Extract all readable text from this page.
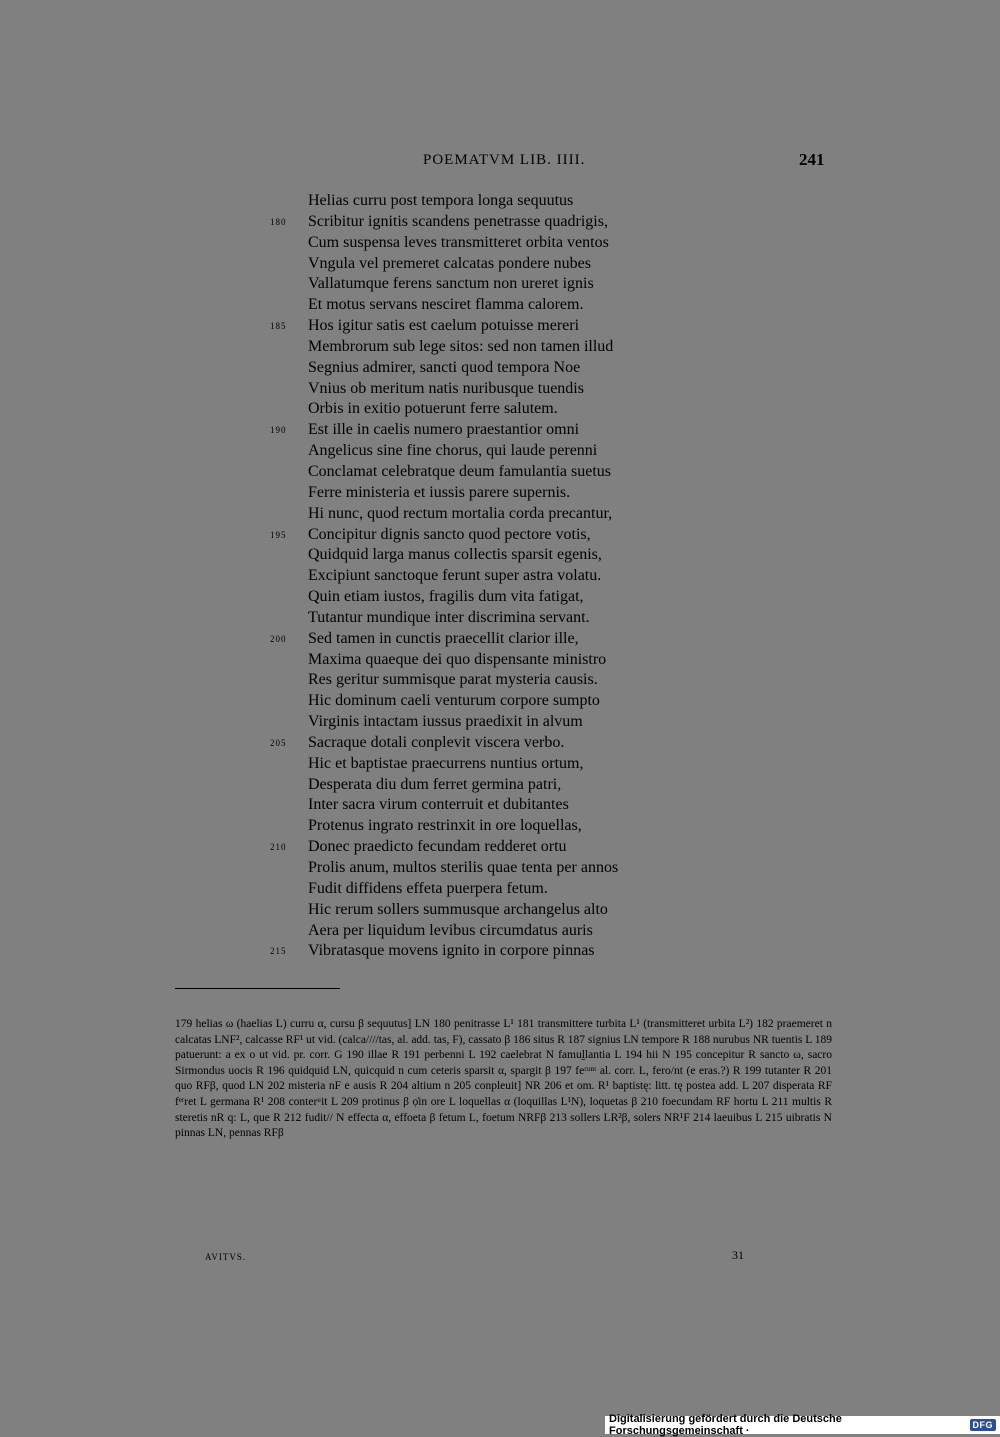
POEMATVM LIB. IIII.	241
Helias curru post tempora longa sequutus
180 Scribitur ignitis scandens penetrasse quadrigis,
Cum suspensa leves transmitteret orbita ventos
Vngula vel premeret calcatas pondere nubes
Vallatumque ferens sanctum non ureret ignis
Et motus servans nesciret flamma calorem.
185 Hos igitur satis est caelum potuisse mereri
Membrorum sub lege sitos: sed non tamen illud
Segnius admirer, sancti quod tempora Noe
Vnius ob meritum natis nuribusque tuendis
Orbis in exitio potuerunt ferre salutem.
190 Est ille in caelis numero praestantior omni
Angelicus sine fine chorus, qui laude perenni
Conclamat celebratque deum famulantia suetus
Ferre ministeria et iussis parere supernis.
Hi nunc, quod rectum mortalia corda precantur,
195 Concipitur dignis sancto quod pectore votis,
Quidquid larga manus collectis sparsit egenis,
Excipiunt sanctoque ferunt super astra volatu.
Quin etiam iustos, fragilis dum vita fatigat,
Tutantur mundique inter discrimina servant.
200 Sed tamen in cunctis praecellit clarior ille,
Maxima quaeque dei quo dispensante ministro
Res geritur summisque parat mysteria causis.
Hic dominum caeli venturum corpore sumpto
Virginis intactam iussus praedixit in alvum
205 Sacraque dotali conplevit viscera verbo.
Hic et baptistae praecurrens nuntius ortum,
Desperata diu dum ferret germina patri,
Inter sacra virum conterruit et dubitantes
Protenus ingrato restrinxit in ore loquellas,
210 Donec praedicto fecundam redderet ortu
Prolis anum, multos sterilis quae tenta per annos
Fudit diffidens effeta puerpera fetum.
Hic rerum sollers summusque archangelus alto
Aera per liquidum levibus circumdatus auris
215 Vibratasque movens ignito in corpore pinnas
179 helias ω (haelias L) curru α, cursu β sequutus] LN 180 penitrasse L¹ 181 transmittere turbita L¹ (transmitteret urbita L²) 182 praemeret n calcatas LNF², calcasse RF¹ ut vid. (calca////tas, al. add. tas, F), cassato β 186 situs R 187 signius LN tempore R 188 nurubus NR tuentis L 189 patuerunt: a ex o ut vid. pr. corr. G 190 illae R 191 perbenni L 192 caelebrat N famuḻlantia L 194 hii N 195 concepitur R sancto ω, sacro Sirmondus uocis R 196 quidquid LN, quicquid n cum ceteris sparsit α, spargit β 197 feʳᵘⁿᵗ al. corr. L, fero/nt (e eras.?) R 199 tutanter R 201 quo RFβ, quod LN 202 misteria nF e ausis R 204 altium n 205 conpleuit] NR 206 et om. R¹ baptistę: litt. tę postea add. L 207 disperata RF fᵉʳret L germana R¹ 208 conterᵘit L 209 protinus β ọ̇in ore L loquellas α (loquillas L¹N), loquetas β 210 foecundam RF hortu L 211 multis R steretis nR q: L, que R 212 fudit// N effecta α, effoeta β fetum L, foetum NRFβ 213 sollers LR²β, solers NR¹F 214 laeuibus L 215 uibratis N pinnas LN, pennas RFβ
AVITVS.	31
Digitalisierung gefördert durch die Deutsche Forschungsgemeinschaft ·	DFG
